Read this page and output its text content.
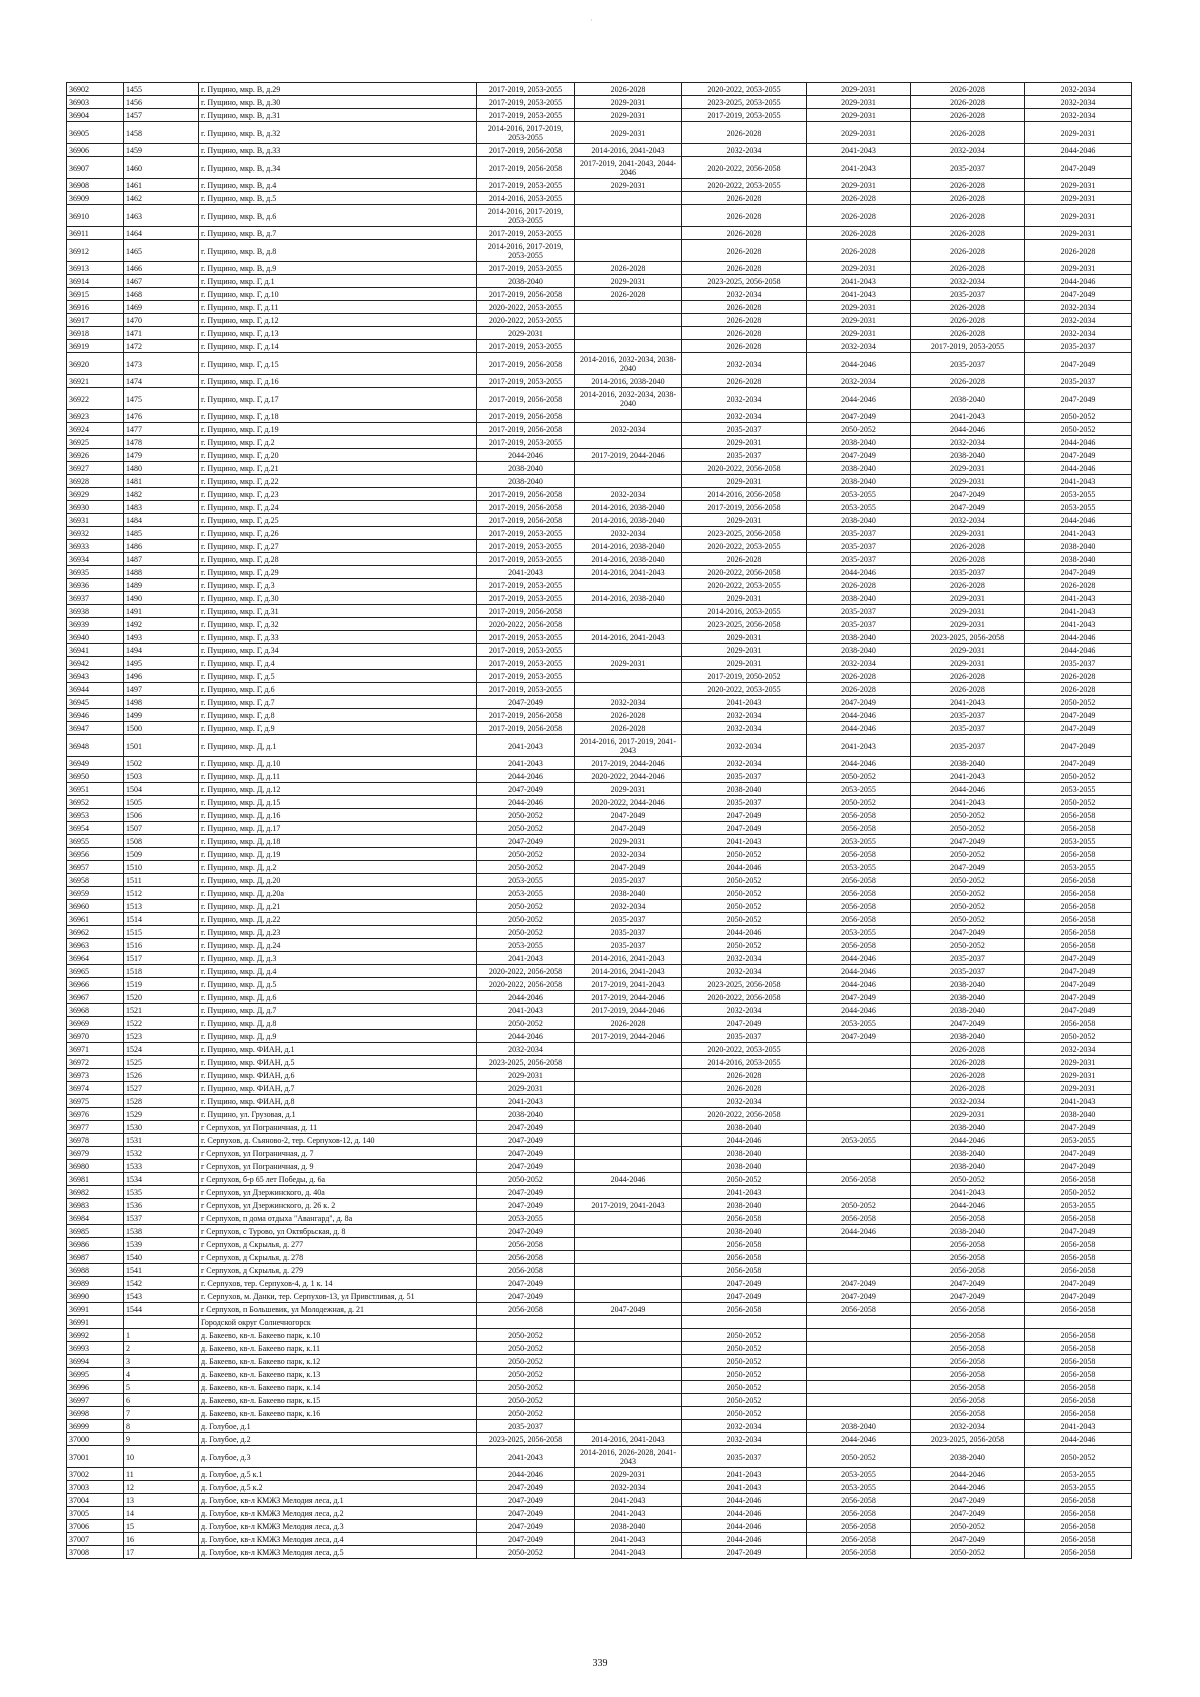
ˈ
36902	1455	г. Пущино, мкр. В, д.29	2017-2019, 2053-2055	2026-2028	2020-2022, 2053-2055	2029-2031	2026-2028	2032-2034
36903	1456	г. Пущино, мкр. В, д.30	2017-2019, 2053-2055	2029-2031	2023-2025, 2053-2055	2029-2031	2026-2028	2032-2034
36904	1457	г. Пущино, мкр. В, д.31	2017-2019, 2053-2055	2029-2031	2017-2019, 2053-2055	2029-2031	2026-2028	2032-2034
36905	1458	г. Пущино, мкр. В, д.32	2014-2016, 2017-2019, 2053-2055	2029-2031	2026-2028	2029-2031	2026-2028	2029-2031
36906	1459	г. Пущино, мкр. В, д.33	2017-2019, 2056-2058	2014-2016, 2041-2043	2032-2034	2041-2043	2032-2034	2044-2046
36907	1460	г. Пущино, мкр. В, д.34	2017-2019, 2056-2058	2017-2019, 2041-2043, 2044-2046	2020-2022, 2056-2058	2041-2043	2035-2037	2047-2049
36908	1461	г. Пущино, мкр. В, д.4	2017-2019, 2053-2055	2029-2031	2020-2022, 2053-2055	2029-2031	2026-2028	2029-2031
36909	1462	г. Пущино, мкр. В, д.5	2014-2016, 2053-2055		2026-2028	2026-2028	2026-2028	2029-2031
36910	1463	г. Пущино, мкр. В, д.6	2014-2016, 2017-2019, 2053-2055		2026-2028	2026-2028	2026-2028	2029-2031
36911	1464	г. Пущино, мкр. В, д.7	2017-2019, 2053-2055		2026-2028	2026-2028	2026-2028	2029-2031
36912	1465	г. Пущино, мкр. В, д.8	2014-2016, 2017-2019, 2053-2055		2026-2028	2026-2028	2026-2028	2026-2028
36913	1466	г. Пущино, мкр. В, д.9	2017-2019, 2053-2055	2026-2028	2026-2028	2029-2031	2026-2028	2029-2031
36914	1467	г. Пущино, мкр. Г, д.1	2038-2040	2029-2031	2023-2025, 2056-2058	2041-2043	2032-2034	2044-2046
36915	1468	г. Пущино, мкр. Г, д.10	2017-2019, 2056-2058	2026-2028	2032-2034	2041-2043	2035-2037	2047-2049
36916	1469	г. Пущино, мкр. Г, д.11	2020-2022, 2053-2055		2026-2028	2029-2031	2026-2028	2032-2034
36917	1470	г. Пущино, мкр. Г, д.12	2020-2022, 2053-2055		2026-2028	2029-2031	2026-2028	2032-2034
36918	1471	г. Пущино, мкр. Г, д.13	2029-2031		2026-2028	2029-2031	2026-2028	2032-2034
36919	1472	г. Пущино, мкр. Г, д.14	2017-2019, 2053-2055		2026-2028	2032-2034	2017-2019, 2053-2055	2035-2037
36920	1473	г. Пущино, мкр. Г, д.15	2017-2019, 2056-2058	2014-2016, 2032-2034, 2038-2040	2032-2034	2044-2046	2035-2037	2047-2049
36921	1474	г. Пущино, мкр. Г, д.16	2017-2019, 2053-2055	2014-2016, 2038-2040	2026-2028	2032-2034	2026-2028	2035-2037
36922	1475	г. Пущино, мкр. Г, д.17	2017-2019, 2056-2058	2014-2016, 2032-2034, 2038-2040	2032-2034	2044-2046	2038-2040	2047-2049
36923	1476	г. Пущино, мкр. Г, д.18	2017-2019, 2056-2058		2032-2034	2047-2049	2041-2043	2050-2052
36924	1477	г. Пущино, мкр. Г, д.19	2017-2019, 2056-2058	2032-2034	2035-2037	2050-2052	2044-2046	2050-2052
36925	1478	г. Пущино, мкр. Г, д.2	2017-2019, 2053-2055		2029-2031	2038-2040	2032-2034	2044-2046
36926	1479	г. Пущино, мкр. Г, д.20	2044-2046	2017-2019, 2044-2046	2035-2037	2047-2049	2038-2040	2047-2049
36927	1480	г. Пущино, мкр. Г, д.21	2038-2040		2020-2022, 2056-2058	2038-2040	2029-2031	2044-2046
36928	1481	г. Пущино, мкр. Г, д.22	2038-2040		2029-2031	2038-2040	2029-2031	2041-2043
36929	1482	г. Пущино, мкр. Г, д.23	2017-2019, 2056-2058	2032-2034	2014-2016, 2056-2058	2053-2055	2047-2049	2053-2055
36930	1483	г. Пущино, мкр. Г, д.24	2017-2019, 2056-2058	2014-2016, 2038-2040	2017-2019, 2056-2058	2053-2055	2047-2049	2053-2055
36931	1484	г. Пущино, мкр. Г, д.25	2017-2019, 2056-2058	2014-2016, 2038-2040	2029-2031	2038-2040	2032-2034	2044-2046
36932	1485	г. Пущино, мкр. Г, д.26	2017-2019, 2053-2055	2032-2034	2023-2025, 2056-2058	2035-2037	2029-2031	2041-2043
36933	1486	г. Пущино, мкр. Г, д.27	2017-2019, 2053-2055	2014-2016, 2038-2040	2020-2022, 2053-2055	2035-2037	2026-2028	2038-2040
36934	1487	г. Пущино, мкр. Г, д.28	2017-2019, 2053-2055	2014-2016, 2038-2040	2026-2028	2035-2037	2026-2028	2038-2040
36935	1488	г. Пущино, мкр. Г, д.29	2041-2043	2014-2016, 2041-2043	2020-2022, 2056-2058	2044-2046	2035-2037	2047-2049
36936	1489	г. Пущино, мкр. Г, д.3	2017-2019, 2053-2055		2020-2022, 2053-2055	2026-2028	2026-2028	2026-2028
36937	1490	г. Пущино, мкр. Г, д.30	2017-2019, 2053-2055	2014-2016, 2038-2040	2029-2031	2038-2040	2029-2031	2041-2043
36938	1491	г. Пущино, мкр. Г, д.31	2017-2019, 2056-2058		2014-2016, 2053-2055	2035-2037	2029-2031	2041-2043
36939	1492	г. Пущино, мкр. Г, д.32	2020-2022, 2056-2058		2023-2025, 2056-2058	2035-2037	2029-2031	2041-2043
36940	1493	г. Пущино, мкр. Г, д.33	2017-2019, 2053-2055	2014-2016, 2041-2043	2029-2031	2038-2040	2023-2025, 2056-2058	2044-2046
36941	1494	г. Пущино, мкр. Г, д.34	2017-2019, 2053-2055		2029-2031	2038-2040	2029-2031	2044-2046
36942	1495	г. Пущино, мкр. Г, д.4	2017-2019, 2053-2055	2029-2031	2029-2031	2032-2034	2029-2031	2035-2037
36943	1496	г. Пущино, мкр. Г, д.5	2017-2019, 2053-2055		2017-2019, 2050-2052	2026-2028	2026-2028	2026-2028
36944	1497	г. Пущино, мкр. Г, д.6	2017-2019, 2053-2055		2020-2022, 2053-2055	2026-2028	2026-2028	2026-2028
36945	1498	г. Пущино, мкр. Г, д.7	2047-2049	2032-2034	2041-2043	2047-2049	2041-2043	2050-2052
36946	1499	г. Пущино, мкр. Г, д.8	2017-2019, 2056-2058	2026-2028	2032-2034	2044-2046	2035-2037	2047-2049
36947	1500	г. Пущино, мкр. Г, д.9	2017-2019, 2056-2058	2026-2028	2032-2034	2044-2046	2035-2037	2047-2049
36948	1501	г. Пущино, мкр. Д, д.1	2041-2043	2014-2016, 2017-2019, 2041-2043	2032-2034	2041-2043	2035-2037	2047-2049
36949	1502	г. Пущино, мкр. Д, д.10	2041-2043	2017-2019, 2044-2046	2032-2034	2044-2046	2038-2040	2047-2049
36950	1503	г. Пущино, мкр. Д, д.11	2044-2046	2020-2022, 2044-2046	2035-2037	2050-2052	2041-2043	2050-2052
36951	1504	г. Пущино, мкр. Д, д.12	2047-2049	2029-2031	2038-2040	2053-2055	2044-2046	2053-2055
36952	1505	г. Пущино, мкр. Д, д.15	2044-2046	2020-2022, 2044-2046	2035-2037	2050-2052	2041-2043	2050-2052
36953	1506	г. Пущино, мкр. Д, д.16	2050-2052	2047-2049	2047-2049	2056-2058	2050-2052	2056-2058
36954	1507	г. Пущино, мкр. Д, д.17	2050-2052	2047-2049	2047-2049	2056-2058	2050-2052	2056-2058
36955	1508	г. Пущино, мкр. Д, д.18	2047-2049	2029-2031	2041-2043	2053-2055	2047-2049	2053-2055
36956	1509	г. Пущино, мкр. Д, д.19	2050-2052	2032-2034	2050-2052	2056-2058	2050-2052	2056-2058
36957	1510	г. Пущино, мкр. Д, д.2	2050-2052	2047-2049	2044-2046	2053-2055	2047-2049	2053-2055
36958	1511	г. Пущино, мкр. Д, д.20	2053-2055	2035-2037	2050-2052	2056-2058	2050-2052	2056-2058
36959	1512	г. Пущино, мкр. Д, д.20а	2053-2055	2038-2040	2050-2052	2056-2058	2050-2052	2056-2058
36960	1513	г. Пущино, мкр. Д, д.21	2050-2052	2032-2034	2050-2052	2056-2058	2050-2052	2056-2058
36961	1514	г. Пущино, мкр. Д, д.22	2050-2052	2035-2037	2050-2052	2056-2058	2050-2052	2056-2058
36962	1515	г. Пущино, мкр. Д, д.23	2050-2052	2035-2037	2044-2046	2053-2055	2047-2049	2056-2058
36963	1516	г. Пущино, мкр. Д, д.24	2053-2055	2035-2037	2050-2052	2056-2058	2050-2052	2056-2058
36964	1517	г. Пущино, мкр. Д, д.3	2041-2043	2014-2016, 2041-2043	2032-2034	2044-2046	2035-2037	2047-2049
36965	1518	г. Пущино, мкр. Д, д.4	2020-2022, 2056-2058	2014-2016, 2041-2043	2032-2034	2044-2046	2035-2037	2047-2049
36966	1519	г. Пущино, мкр. Д, д.5	2020-2022, 2056-2058	2017-2019, 2041-2043	2023-2025, 2056-2058	2044-2046	2038-2040	2047-2049
36967	1520	г. Пущино, мкр. Д, д.6	2044-2046	2017-2019, 2044-2046	2020-2022, 2056-2058	2047-2049	2038-2040	2047-2049
36968	1521	г. Пущино, мкр. Д, д.7	2041-2043	2017-2019, 2044-2046	2032-2034	2044-2046	2038-2040	2047-2049
36969	1522	г. Пущино, мкр. Д, д.8	2050-2052	2026-2028	2047-2049	2053-2055	2047-2049	2056-2058
36970	1523	г. Пущино, мкр. Д, д.9	2044-2046	2017-2019, 2044-2046	2035-2037	2047-2049	2038-2040	2050-2052
36971	1524	г. Пущино, мкр. ФИАН, д.1	2032-2034		2020-2022, 2053-2055		2026-2028	2032-2034
36972	1525	г. Пущино, мкр. ФИАН, д.5	2023-2025, 2056-2058		2014-2016, 2053-2055		2026-2028	2029-2031
36973	1526	г. Пущино, мкр. ФИАН, д.6	2029-2031		2026-2028		2026-2028	2029-2031
36974	1527	г. Пущино, мкр. ФИАН, д.7	2029-2031		2026-2028		2026-2028	2029-2031
36975	1528	г. Пущино, мкр. ФИАН, д.8	2041-2043		2032-2034		2032-2034	2041-2043
36976	1529	г. Пущино, ул. Грузовая, д.1	2038-2040		2020-2022, 2056-2058		2029-2031	2038-2040
36977	1530	г Серпухов, ул Пограничная, д. 11	2047-2049		2038-2040		2038-2040	2047-2049
36978	1531	г. Серпухов, д. Съяново-2, тер. Серпухов-12, д. 140	2047-2049		2044-2046	2053-2055	2044-2046	2053-2055
36979	1532	г Серпухов, ул Пограничная, д. 7	2047-2049		2038-2040		2038-2040	2047-2049
36980	1533	г Серпухов, ул Пограничная, д. 9	2047-2049		2038-2040		2038-2040	2047-2049
36981	1534	г Серпухов, б-р 65 лет Победы, д. 6а	2050-2052	2044-2046	2050-2052	2056-2058	2050-2052	2056-2058
36982	1535	г Серпухов, ул Дзержинского, д. 40а	2047-2049		2041-2043		2041-2043	2050-2052
36983	1536	г Серпухов, ул Дзержинского, д. 26 к. 2	2047-2049	2017-2019, 2041-2043	2038-2040	2050-2052	2044-2046	2053-2055
36984	1537	г Серпухов, п дома отдыха "Авангард", д. 8а	2053-2055		2056-2058	2056-2058	2056-2058	2056-2058
36985	1538	г Серпухов, с Турово, ул Октябрьская, д. 8	2047-2049		2038-2040	2044-2046	2038-2040	2047-2049
36986	1539	г Серпухов, д Скрылья, д. 277	2056-2058		2056-2058		2056-2058	2056-2058
36987	1540	г Серпухов, д Скрылья, д. 278	2056-2058		2056-2058		2056-2058	2056-2058
36988	1541	г Серпухов, д Скрылья, д. 279	2056-2058		2056-2058		2056-2058	2056-2058
36989	1542	г. Серпухов, тер. Серпухов-4, д. 1 к. 14	2047-2049		2047-2049	2047-2049	2047-2049	2047-2049
36990	1543	г. Серпухов, м. Данки, тер. Серпухов-13, ул Привстливая, д. 51	2047-2049		2047-2049	2047-2049	2047-2049	2047-2049
36991	1544	г Серпухов, п Большевик, ул Молодежная, д. 21	2056-2058	2047-2049	2056-2058	2056-2058	2056-2058	2056-2058
36991		Городской округ Солнечногорск						
36992	1	д. Бакеево, кв-л. Бакеево парк, к.10	2050-2052		2050-2052		2056-2058	2056-2058
36993	2	д. Бакеево, кв-л. Бакеево парк, к.11	2050-2052		2050-2052		2056-2058	2056-2058
36994	3	д. Бакеево, кв-л. Бакеево парк, к.12	2050-2052		2050-2052		2056-2058	2056-2058
36995	4	д. Бакеево, кв-л. Бакеево парк, к.13	2050-2052		2050-2052		2056-2058	2056-2058
36996	5	д. Бакеево, кв-л. Бакеево парк, к.14	2050-2052		2050-2052		2056-2058	2056-2058
36997	6	д. Бакеево, кв-л. Бакеево парк, к.15	2050-2052		2050-2052		2056-2058	2056-2058
36998	7	д. Бакеево, кв-л. Бакеево парк, к.16	2050-2052		2050-2052		2056-2058	2056-2058
36999	8	д. Голубое, д.1	2035-2037		2032-2034	2038-2040	2032-2034	2041-2043
37000	9	д. Голубое, д.2	2023-2025, 2056-2058	2014-2016, 2041-2043	2032-2034	2044-2046	2023-2025, 2056-2058	2044-2046
37001	10	д. Голубое, д.3	2041-2043	2014-2016, 2026-2028, 2041-2043	2035-2037	2050-2052	2038-2040	2050-2052
37002	11	д. Голубое, д.5 к.1	2044-2046	2029-2031	2041-2043	2053-2055	2044-2046	2053-2055
37003	12	д. Голубое, д.5 к.2	2047-2049	2032-2034	2041-2043	2053-2055	2044-2046	2053-2055
37004	13	д. Голубое, кв-л КМЖЗ Мелодия леса, д.1	2047-2049	2041-2043	2044-2046	2056-2058	2047-2049	2056-2058
37005	14	д. Голубое, кв-л КМЖЗ Мелодия леса, д.2	2047-2049	2041-2043	2044-2046	2056-2058	2047-2049	2056-2058
37006	15	д. Голубое, кв-л КМЖЗ Мелодия леса, д.3	2047-2049	2038-2040	2044-2046	2056-2058	2050-2052	2056-2058
37007	16	д. Голубое, кв-л КМЖЗ Мелодия леса, д.4	2047-2049	2041-2043	2044-2046	2056-2058	2047-2049	2056-2058
37008	17	д. Голубое, кв-л КМЖЗ Мелодия леса, д.5	2050-2052	2041-2043	2047-2049	2056-2058	2050-2052	2056-2058
339
